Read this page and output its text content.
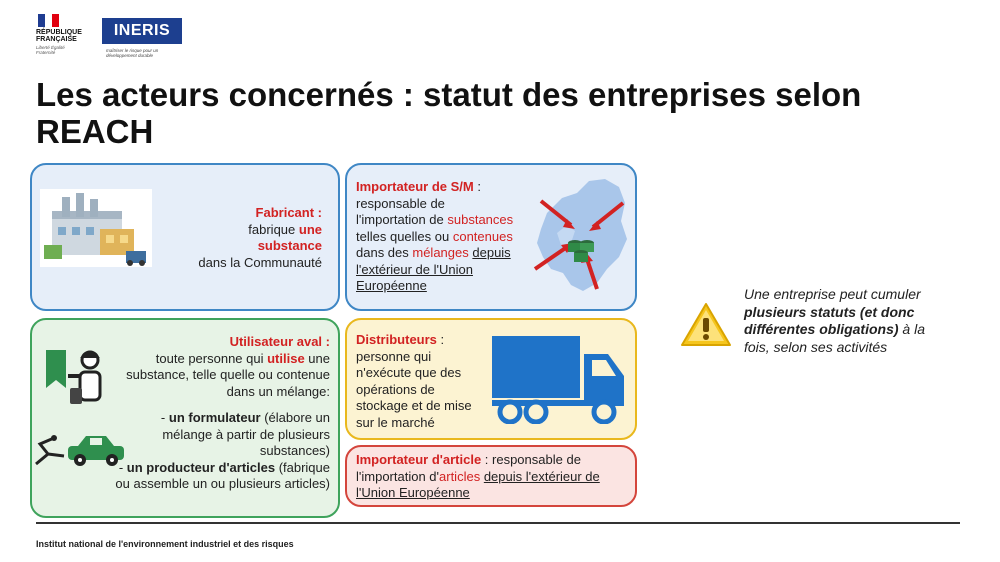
RÉPUBLIQUE
FRANÇAISE
Liberté Égalité Fraternité
INERIS
maîtriser le risque pour un développement durable
Les acteurs concernés : statut des entreprises selon REACH
Fabricant :
fabrique une substance
dans la Communauté
Importateur de S/M :
responsable de
l'importation de substances
telles quelles ou contenues
dans des mélanges depuis
l'extérieur de l'Union
Européenne
Utilisateur aval :
toute personne qui utilise une
substance, telle quelle ou contenue
dans un mélange:
- un formulateur (élabore un
mélange à partir de plusieurs
substances)
- un producteur d'articles (fabrique
ou assemble un ou plusieurs articles)
Distributeurs :
personne qui
n'exécute que des
opérations de
stockage et de mise
sur le marché
Importateur d'article : responsable de
l'importation d'articles depuis l'extérieur de
l'Union Européenne
Une entreprise peut cumuler
plusieurs statuts (et donc
différentes obligations) à la
fois, selon ses activités
Institut national de l'environnement industriel et des risques
